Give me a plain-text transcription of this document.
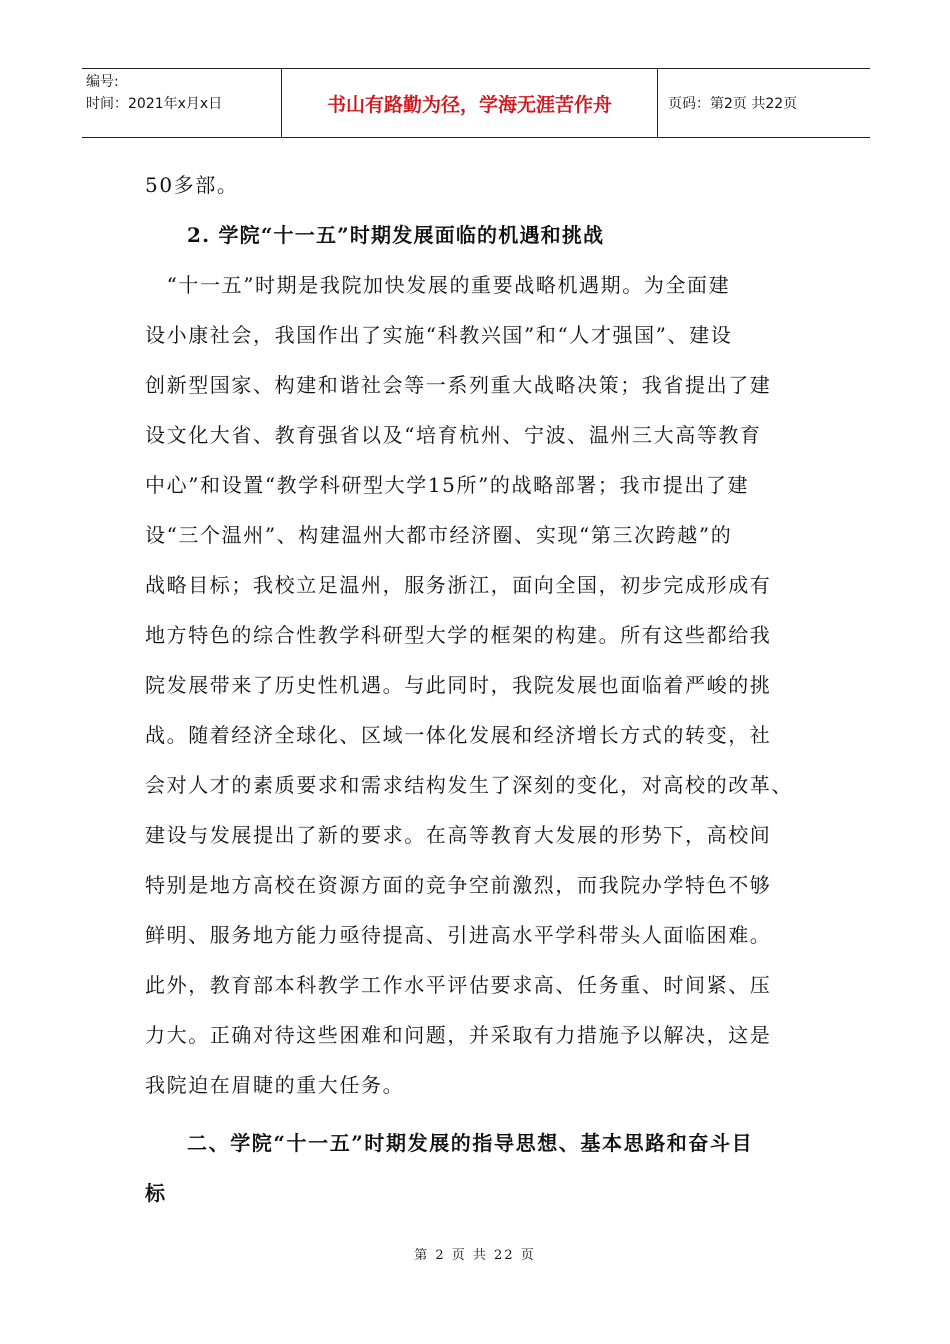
编号:
时间：2021年x月x日	书山有路勤为径，学海无涯苦作舟	页码：第2页 共22页

50多部。

2. 学院“十一五”时期发展面临的机遇和挑战

　“十一五”时期是我院加快发展的重要战略机遇期。为全面建
设小康社会，我国作出了实施“科教兴国”和“人才强国”、建设
创新型国家、构建和谐社会等一系列重大战略决策；我省提出了建
设文化大省、教育强省以及“培育杭州、宁波、温州三大高等教育
中心”和设置“教学科研型大学15所”的战略部署；我市提出了建
设“三个温州”、构建温州大都市经济圈、实现“第三次跨越”的
战略目标；我校立足温州，服务浙江，面向全国，初步完成形成有
地方特色的综合性教学科研型大学的框架的构建。所有这些都给我
院发展带来了历史性机遇。与此同时，我院发展也面临着严峻的挑
战。随着经济全球化、区域一体化发展和经济增长方式的转变，社
会对人才的素质要求和需求结构发生了深刻的变化，对高校的改革、
建设与发展提出了新的要求。在高等教育大发展的形势下，高校间
特别是地方高校在资源方面的竞争空前激烈，而我院办学特色不够
鲜明、服务地方能力亟待提高、引进高水平学科带头人面临困难。
此外，教育部本科教学工作水平评估要求高、任务重、时间紧、压
力大。正确对待这些困难和问题，并采取有力措施予以解决，这是
我院迫在眉睫的重大任务。

二、学院“十一五”时期发展的指导思想、基本思路和奋斗目
标

第 2 页 共 22 页
